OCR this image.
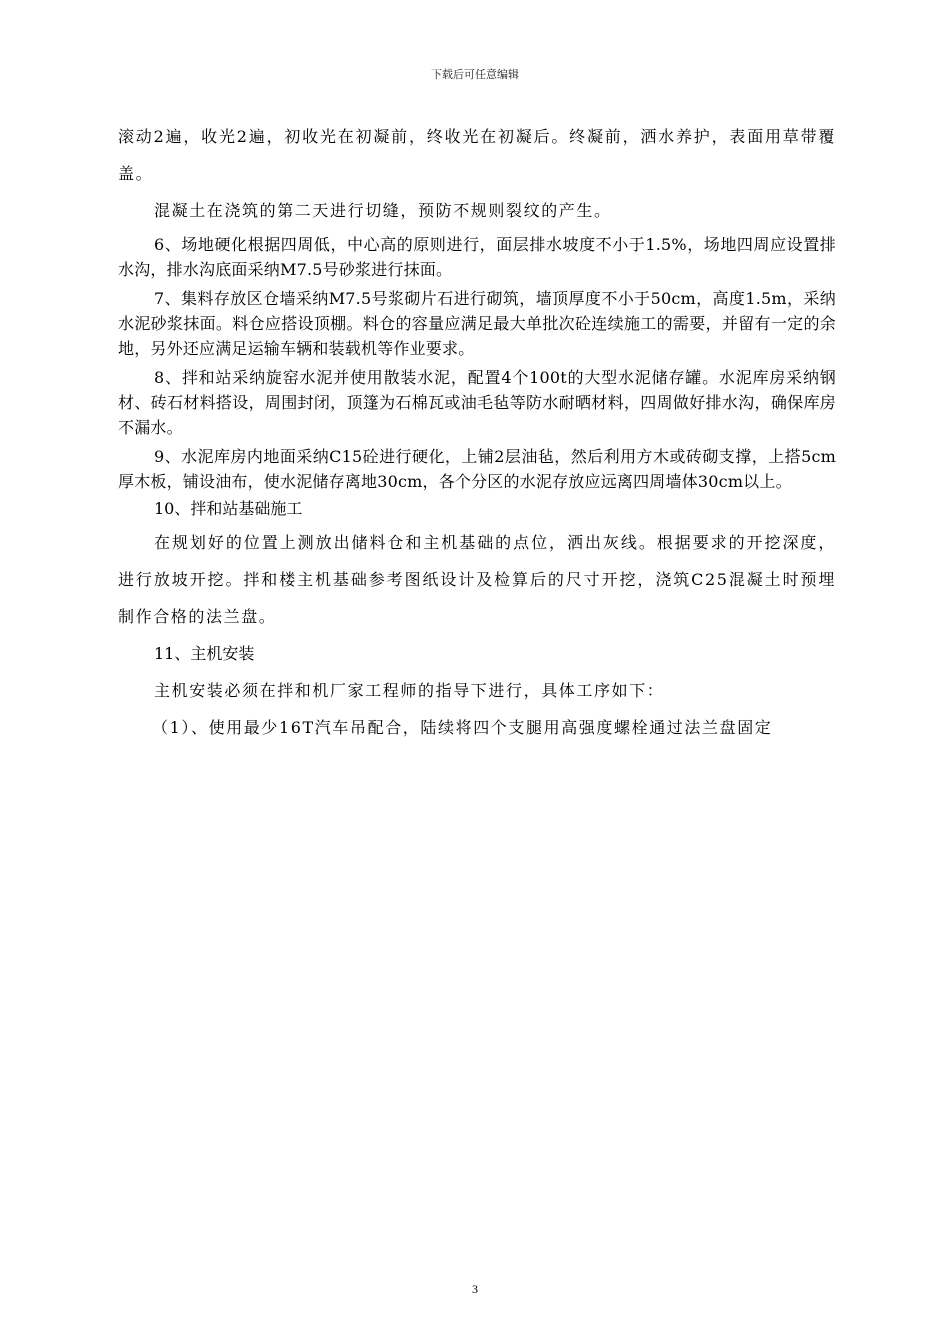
下载后可任意编辑

滚动2遍，收光2遍，初收光在初凝前，终收光在初凝后。终凝前，洒水养护，表面用草带覆盖。

混凝土在浇筑的第二天进行切缝，预防不规则裂纹的产生。

6、场地硬化根据四周低，中心高的原则进行，面层排水坡度不小于1.5%，场地四周应设置排水沟，排水沟底面采纳M7.5号砂浆进行抹面。

7、集料存放区仓墙采纳M7.5号浆砌片石进行砌筑，墙顶厚度不小于50cm，高度1.5m，采纳水泥砂浆抹面。料仓应搭设顶棚。料仓的容量应满足最大单批次砼连续施工的需要，并留有一定的余地，另外还应满足运输车辆和装载机等作业要求。

8、拌和站采纳旋窑水泥并使用散装水泥，配置4个100t的大型水泥储存罐。水泥库房采纳钢材、砖石材料搭设，周围封闭，顶篷为石棉瓦或油毛毡等防水耐晒材料，四周做好排水沟，确保库房不漏水。

9、水泥库房内地面采纳C15砼进行硬化，上铺2层油毡，然后利用方木或砖砌支撑，上搭5cm厚木板，铺设油布，使水泥储存离地30cm，各个分区的水泥存放应远离四周墙体30cm以上。

10、拌和站基础施工

在规划好的位置上测放出储料仓和主机基础的点位，洒出灰线。根据要求的开挖深度，进行放坡开挖。拌和楼主机基础参考图纸设计及检算后的尺寸开挖，浇筑C25混凝土时预埋制作合格的法兰盘。

11、主机安装

主机安装必须在拌和机厂家工程师的指导下进行，具体工序如下：

（1）、使用最少16T汽车吊配合，陆续将四个支腿用高强度螺栓通过法兰盘固定

3
